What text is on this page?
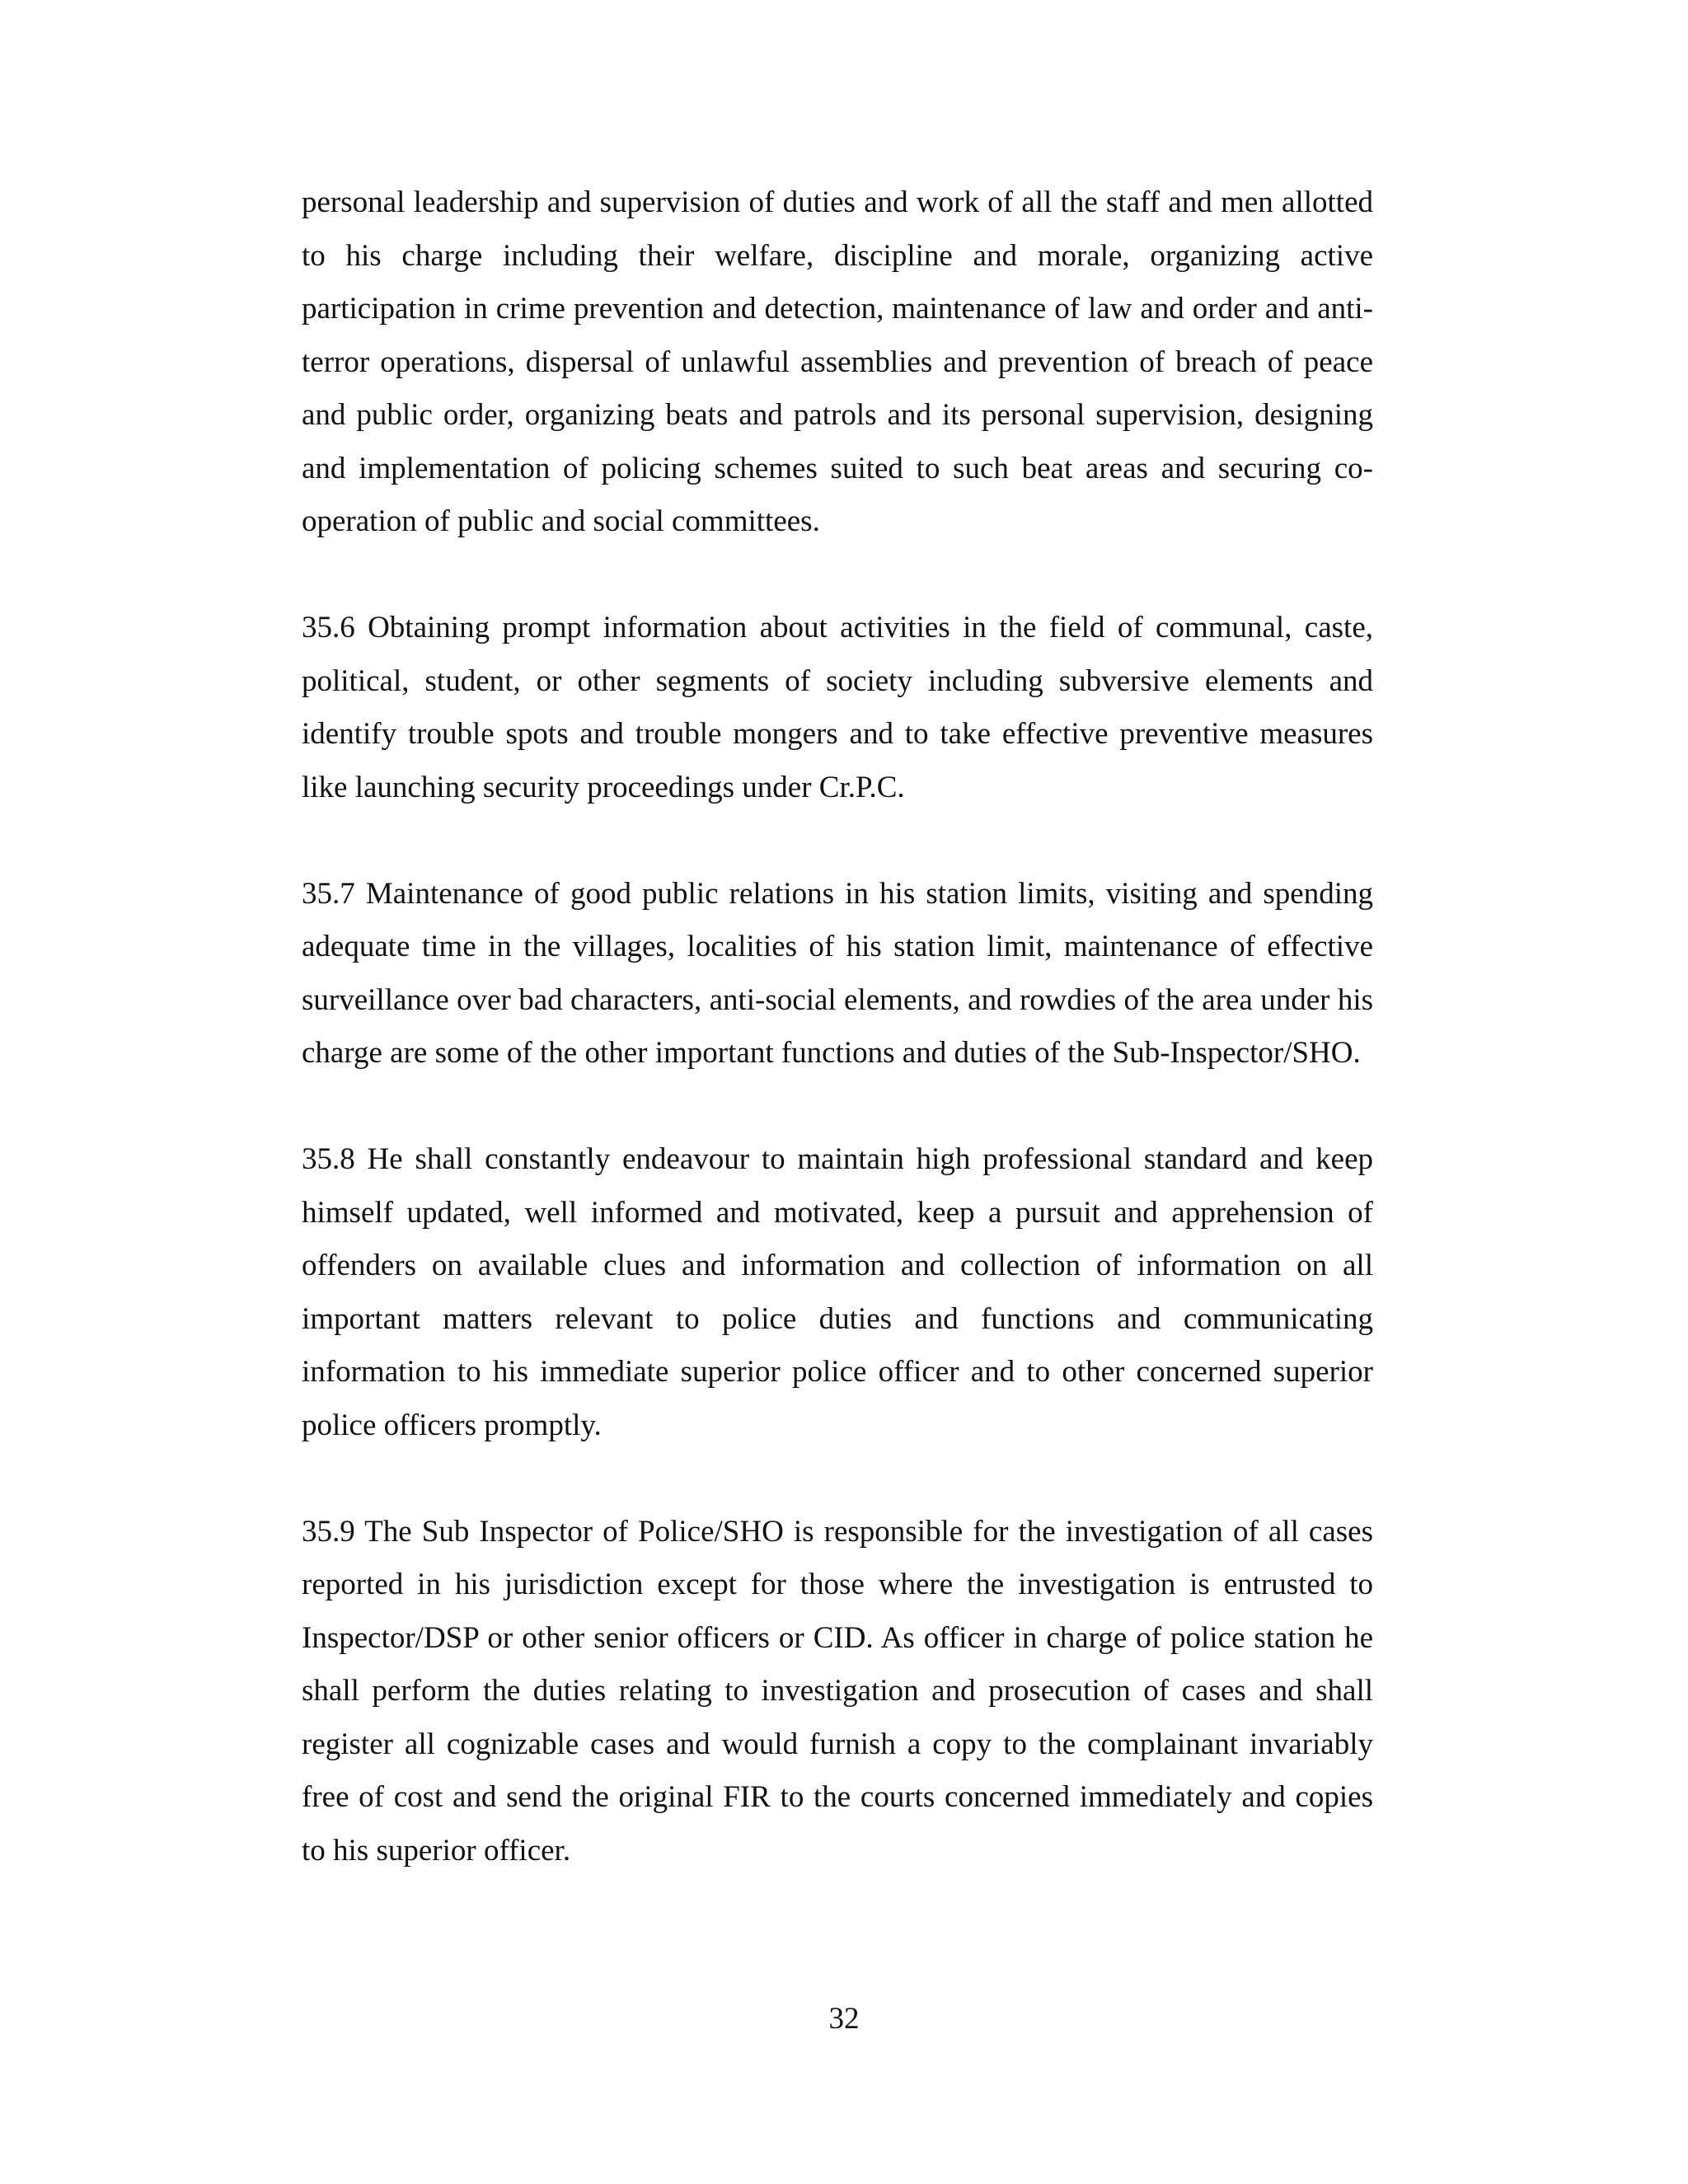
personal leadership and supervision of duties and work of all the staff and men allotted to his charge including their welfare, discipline and morale, organizing active participation in crime prevention and detection, maintenance of law and order and anti-terror operations, dispersal of unlawful assemblies and prevention of breach of peace and public order, organizing beats and patrols and its personal supervision, designing and implementation of policing schemes suited to such beat areas and securing co-operation of public and social committees.

35.6 Obtaining prompt information about activities in the field of communal, caste, political, student, or other segments of society including subversive elements and identify trouble spots and trouble mongers and to take effective preventive measures like launching security proceedings under Cr.P.C.

35.7 Maintenance of good public relations in his station limits, visiting and spending adequate time in the villages, localities of his station limit, maintenance of effective surveillance over bad characters, anti-social elements, and rowdies of the area under his charge are some of the other important functions and duties of the Sub-Inspector/SHO.

35.8 He shall constantly endeavour to maintain high professional standard and keep himself updated, well informed and motivated, keep a pursuit and apprehension of offenders on available clues and information and collection of information on all important matters relevant to police duties and functions and communicating information to his immediate superior police officer and to other concerned superior police officers promptly.

35.9 The Sub Inspector of Police/SHO is responsible for the investigation of all cases reported in his jurisdiction except for those where the investigation is entrusted to Inspector/DSP or other senior officers or CID. As officer in charge of police station he shall perform the duties relating to investigation and prosecution of cases and shall register all cognizable cases and would furnish a copy to the complainant invariably free of cost and send the original FIR to the courts concerned immediately and copies to his superior officer.

32
